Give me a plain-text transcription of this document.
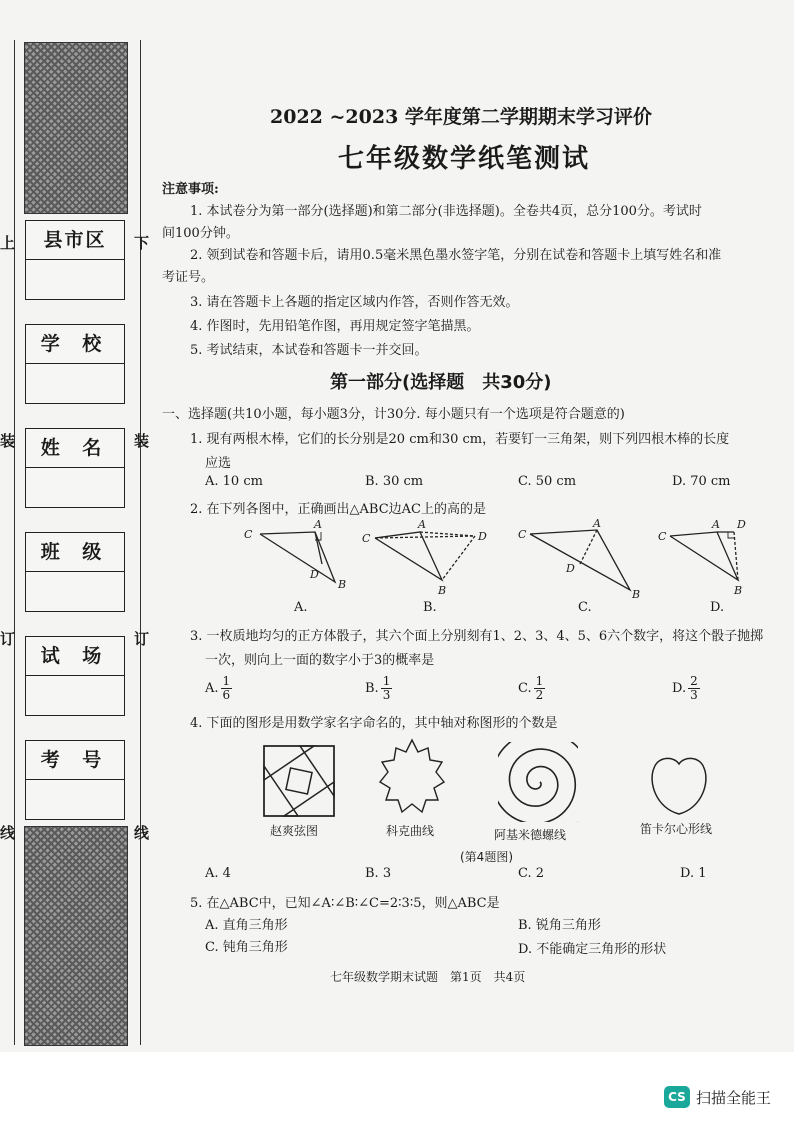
上	下
装	装
订	订
线	线
县市区
学 校
姓 名
班 级
试 场
考 号
2022 ~2023 学年度第二学期期末学习评价
七年级数学纸笔测试
注意事项:
1. 本试卷分为第一部分(选择题)和第二部分(非选择题)。全卷共4页，总分100分。考试时
间100分钟。
2. 领到试卷和答题卡后，请用0.5毫米黑色墨水签字笔，分别在试卷和答题卡上填写姓名和准
考证号。
3. 请在答题卡上各题的指定区域内作答，否则作答无效。
4. 作图时，先用铅笔作图，再用规定签字笔描黑。
5. 考试结束，本试卷和答题卡一并交回。
第一部分(选择题　共30分)
一、选择题(共10小题，每小题3分，计30分. 每小题只有一个选项是符合题意的)
1. 现有两根木棒，它们的长分别是20 cm和30 cm，若要钉一三角架，则下列四根木棒的长度
应选
A. 10 cm	B. 30 cm	C. 50 cm	D. 70 cm
2. 在下列各图中，正确画出△ABC边AC上的高的是
C
A
D
B
C
A
D
B
C
A
D
B
C
A D
B
A.	B.	C.	D.
3. 一枚质地均匀的正方体骰子，其六个面上分别刻有1、2、3、4、5、6六个数字，将这个骰子抛掷
一次，则向上一面的数字小于3的概率是
A. $\frac{1}{6}$	B. $\frac{1}{3}$	C. $\frac{1}{2}$	D. $\frac{2}{3}$
4. 下面的图形是用数学家名字命名的，其中轴对称图形的个数是
赵爽弦图	科克曲线	阿基米德螺线	笛卡尔心形线
(第4题图)
A. 4	B. 3	C. 2	D. 1
5. 在△ABC中，已知∠A∶∠B∶∠C=2∶3∶5，则△ABC是
A. 直角三角形	B. 锐角三角形
C. 钝角三角形	D. 不能确定三角形的形状
七年级数学期末试题　第1页　共4页
CS 扫描全能王
